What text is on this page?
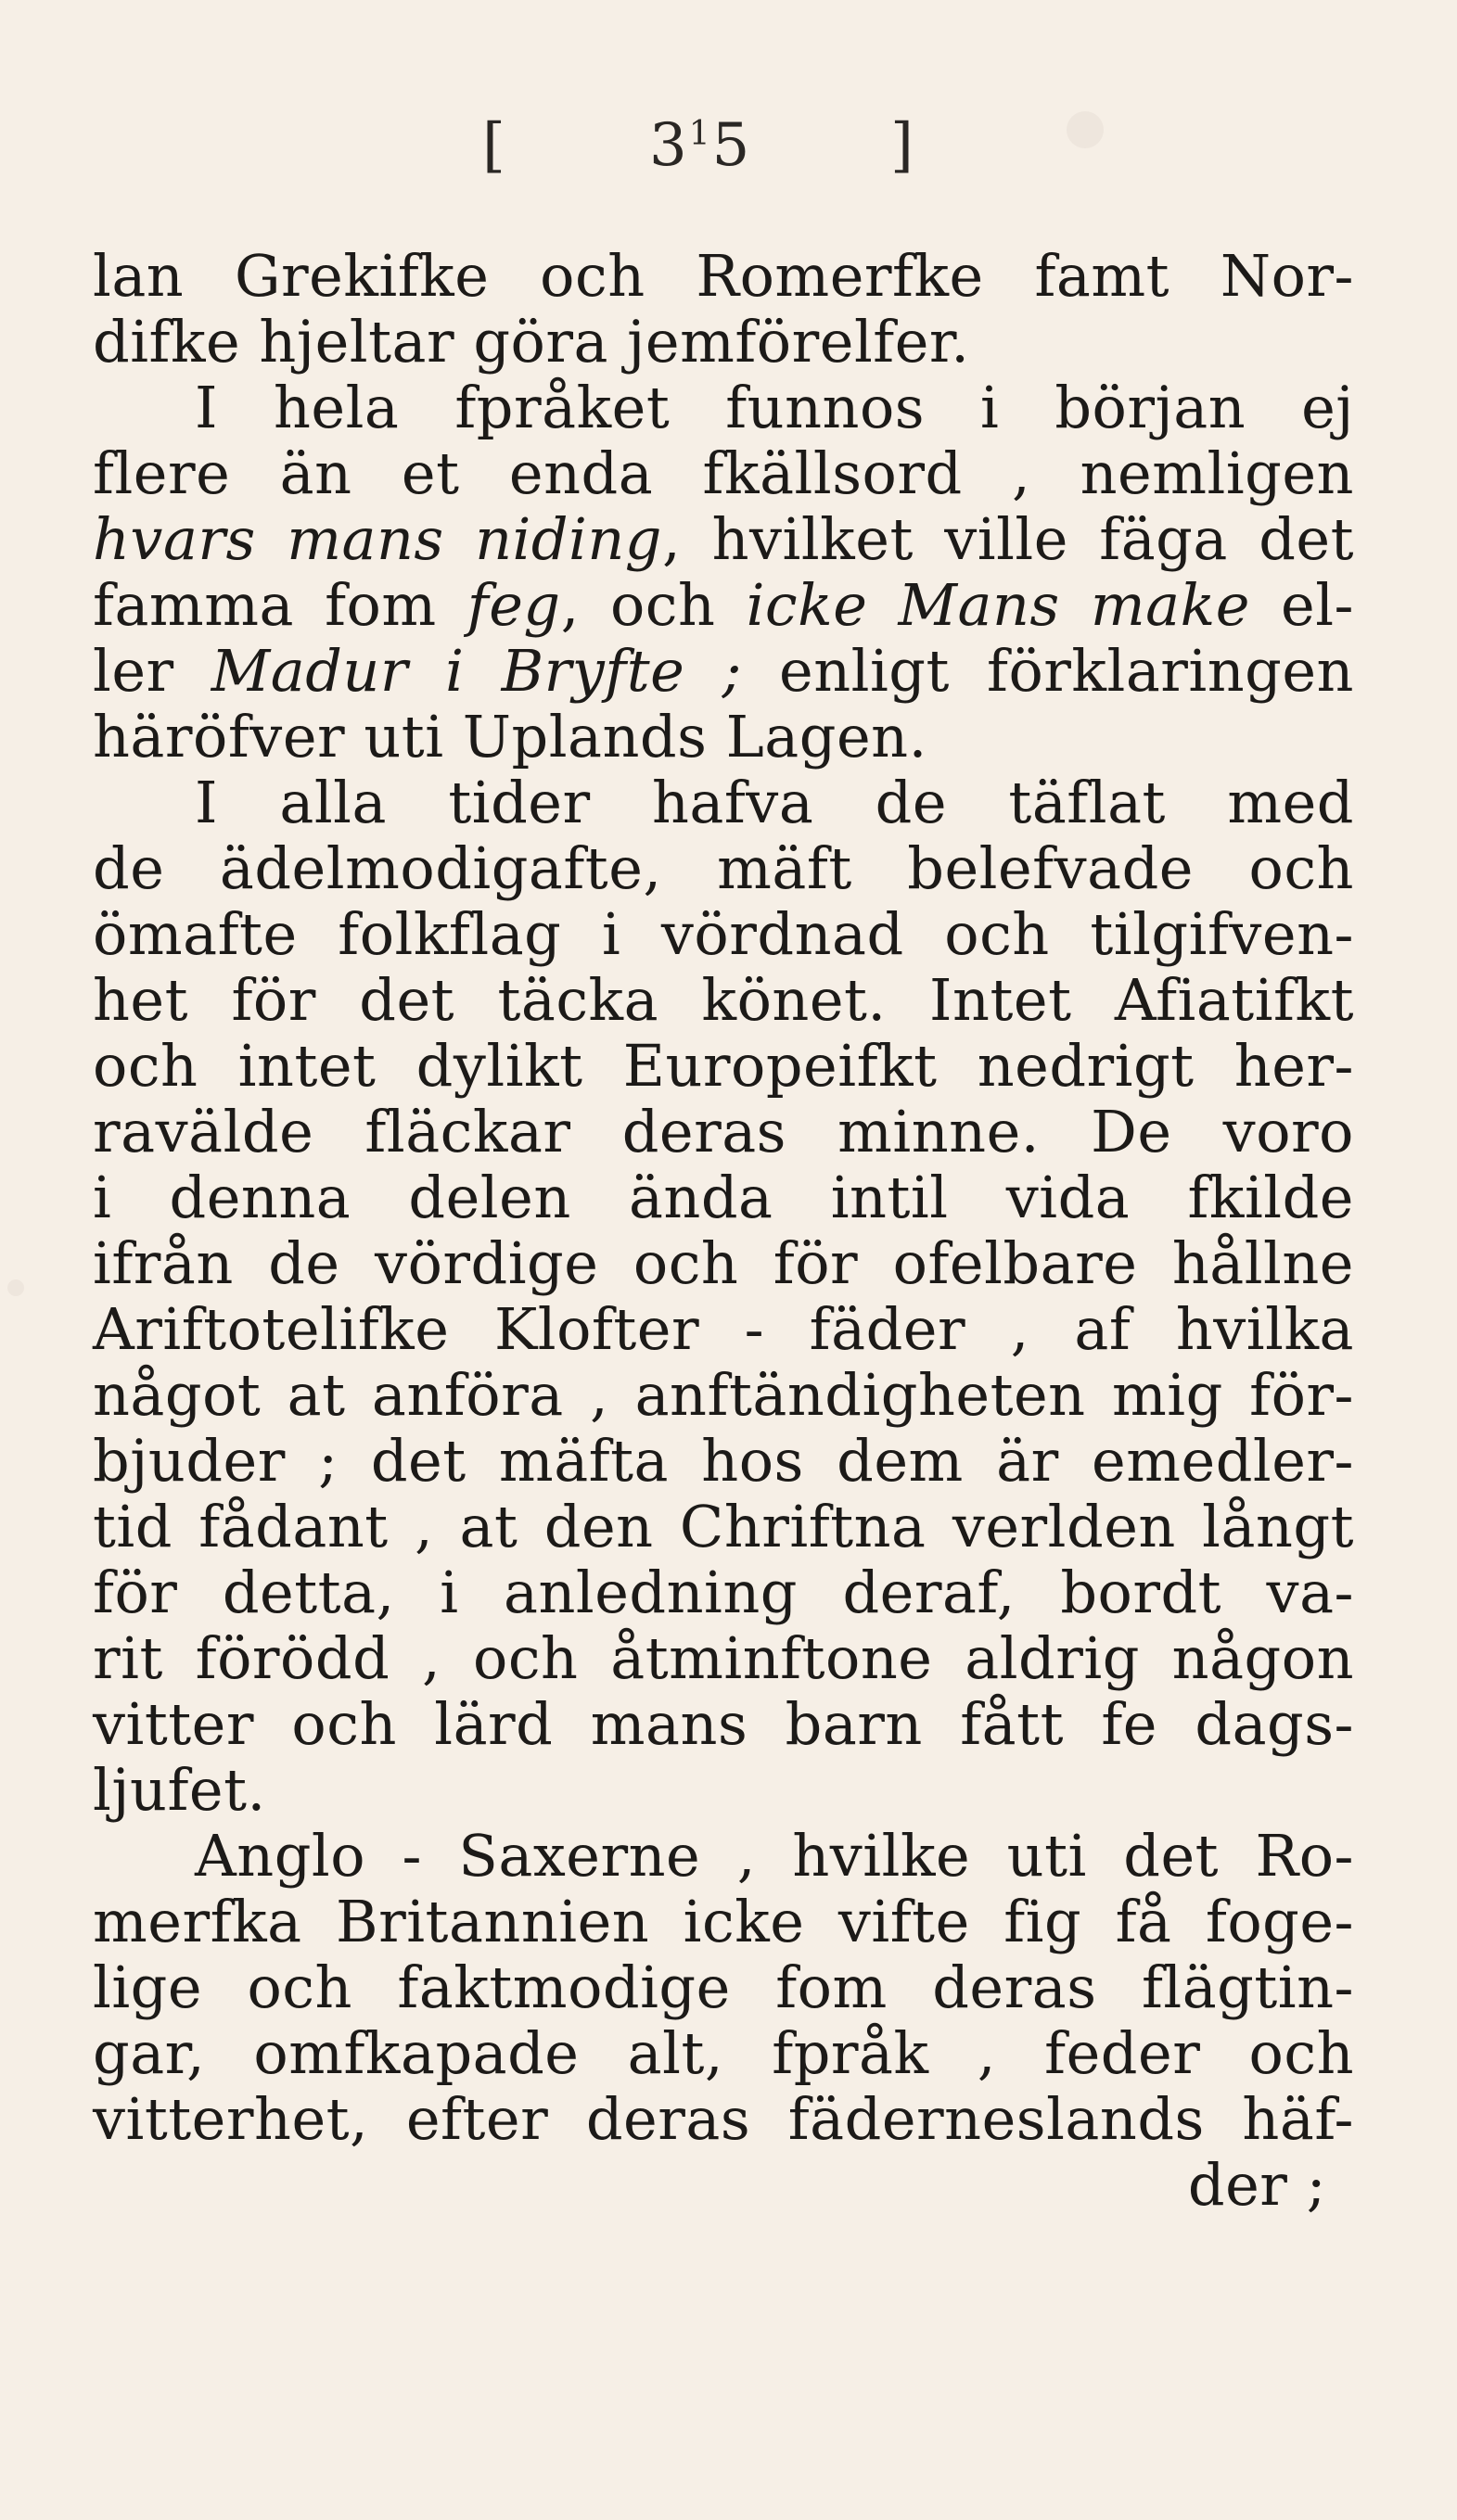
[ $3^15$ ]
lan Grekifke och Romerfke famt Nor-
difke hjeltar göra jemförelfer.
I hela fpråket funnos i början ej
flere än et enda fkällsord , nemligen
hvars mans niding, hvilket ville fäga det
famma fom feg, och icke Mans make el-
ler Madur i Bryfte ; enligt förklaringen
häröfver uti Uplands Lagen.
I alla tider hafva de täflat med
de ädelmodigafte, mäft belefvade och
ömafte folkflag i vördnad och tilgifven-
het för det täcka könet. Intet Afiatifkt
och intet dylikt Europeifkt nedrigt her-
ravälde fläckar deras minne. De voro
i denna delen ända intil vida fkilde
ifrån de vördige och för ofelbare hållne
Ariftotelifke Klofter - fäder , af hvilka
något at anföra , anftändigheten mig för-
bjuder ; det mäfta hos dem är emedler-
tid fådant , at den Chriftna verlden långt
för detta, i anledning deraf, bordt va-
rit förödd , och åtminftone aldrig någon
vitter och lärd mans barn fått fe dags-
ljufet.
Anglo - Saxerne , hvilke uti det Ro-
merfka Britannien icke vifte fig få foge-
lige och faktmodige fom deras flägtin-
gar, omfkapade alt, fpråk , feder och
vitterhet, efter deras fäderneslands häf-
der ;
